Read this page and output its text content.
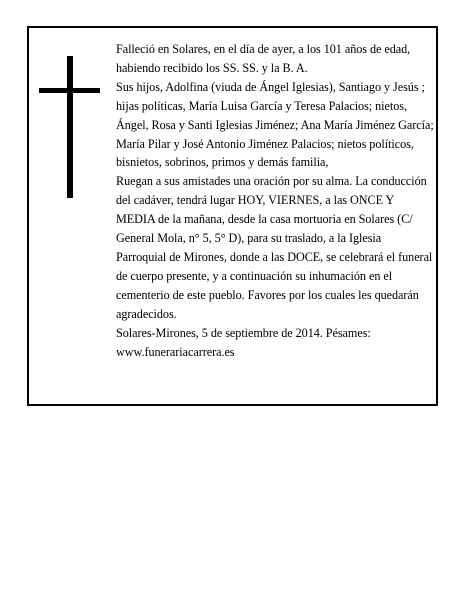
Falleció en Solares, en el día de ayer, a los 101 años de edad, habiendo recibido los SS. SS. y la B. A.

Sus hijos, Adolfina (viuda de Ángel Iglesias), Santiago y Jesús ; hijas políticas, María Luisa García y Teresa Palacios; nietos, Ángel, Rosa y Santi Iglesias Jiménez; Ana María Jiménez García; María Pilar y José Antonio Jiménez Palacios; nietos políticos, bisnietos, sobrinos, primos y demás familia,

Ruegan a sus amistades una oración por su alma. La conducción del cadáver, tendrá lugar HOY, VIERNES, a las ONCE Y MEDIA de la mañana, desde la casa mortuoria en Solares (C/ General Mola, n° 5, 5° D), para su traslado, a la Iglesia Parroquial de Mirones, donde a las DOCE, se celebrará el funeral de cuerpo presente, y a continuación su inhumación en el cementerio de este pueblo. Favores por los cuales les quedarán agradecidos.

Solares-Mirones, 5 de septiembre de 2014. Pésames: www.funerariacarrera.es
